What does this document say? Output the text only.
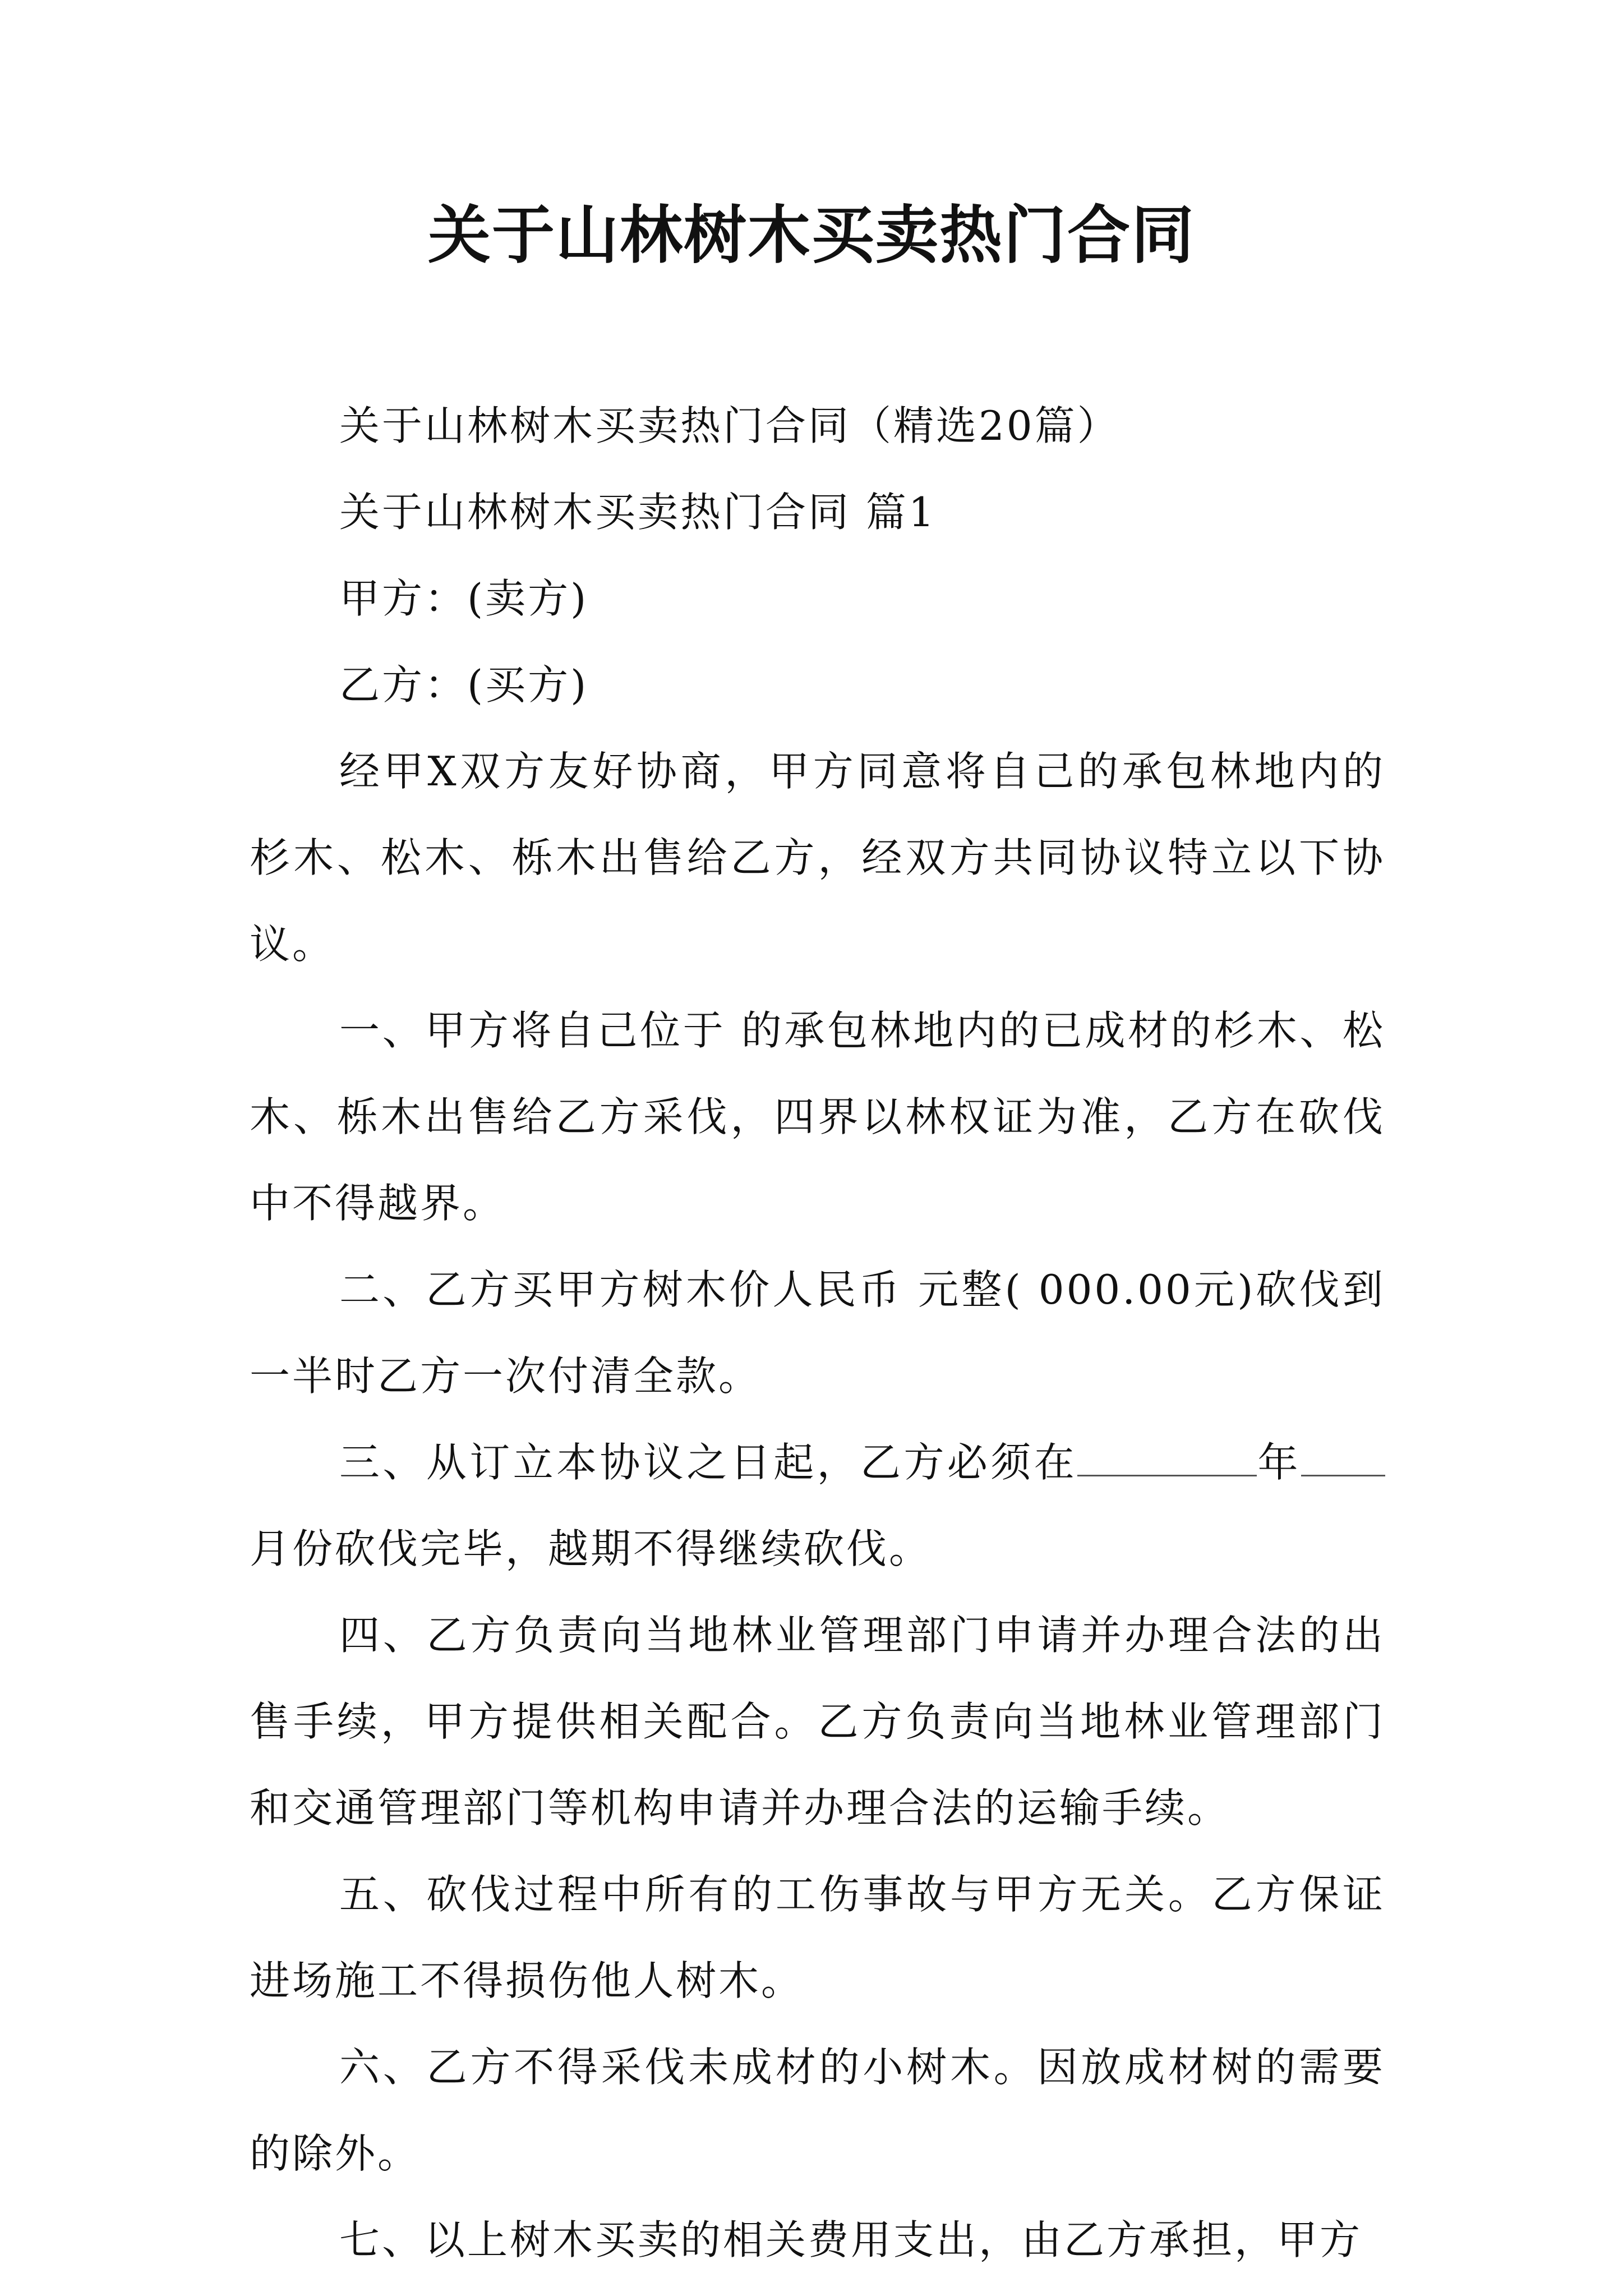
关于山林树木买卖热门合同

关于山林树木买卖热门合同（精选20篇）

关于山林树木买卖热门合同 篇1

甲方：(卖方)

乙方：(买方)

经甲X双方友好协商，甲方同意将自己的承包林地内的杉木、松木、栎木出售给乙方，经双方共同协议特立以下协议。

一、甲方将自己位于 的承包林地内的已成材的杉木、松木、栎木出售给乙方采伐，四界以林权证为准，乙方在砍伐中不得越界。

二、乙方买甲方树木价人民币 元整( 000.00元)砍伐到一半时乙方一次付清全款。

三、从订立本协议之日起，乙方必须在	年月份砍伐完毕，越期不得继续砍伐。

四、乙方负责向当地林业管理部门申请并办理合法的出售手续，甲方提供相关配合。乙方负责向当地林业管理部门和交通管理部门等机构申请并办理合法的运输手续。

五、砍伐过程中所有的工伤事故与甲方无关。乙方保证进场施工不得损伤他人树木。

六、乙方不得采伐未成材的小树木。因放成材树的需要的除外。

七、以上树木买卖的相关费用支出，由乙方承担，甲方
